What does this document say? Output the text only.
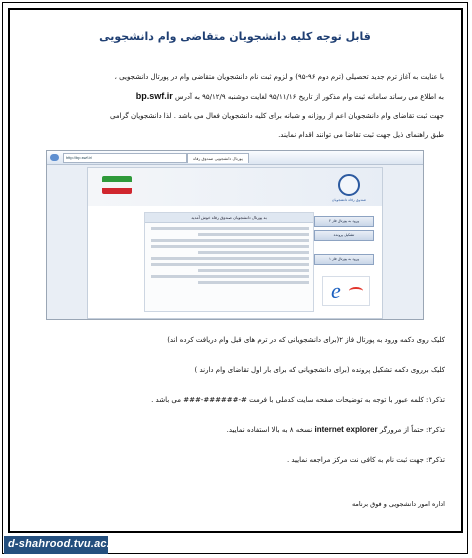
قابل توجه کلیه دانشجویان متقاضی وام دانشجویی
با عنایت به آغاز ترم جدید تحصیلی (ترم دوم ۹۶-۹۵) و لزوم ثبت نام دانشجویان متقاضی وام در پورتال دانشجویی ،
به اطلاع می رساند سامانه ثبت وام مذکور از تاریخ ۹۵/۱۱/۱۶ لغایت دوشنبه ۹۵/۱۲/۹ به آدرس bp.swf.ir
جهت ثبت تقاضای وام دانشجویان اعم از روزانه و شبانه برای کلیه دانشجویان فعال می باشد . لذا دانشجویان گرامی
طبق راهنمای ذیل جهت ثبت تقاضا می توانند اقدام نمایند.
http://bp.swf.ir/	پورتال دانشجویی صندوق رفاه
صندوق رفاه دانشجویان
به پورتال دانشجویان صندوق رفاه خوش آمدید
ورود به پورتال فاز ۲
تشکیل پرونده
ورود به پورتال فاز ۱
e
کلیک روی دکمه ورود به پورتال فاز ۲(برای دانشجویانی که در ترم های قبل وام دریافت کرده اند)
کلیک برروی دکمه تشکیل پرونده (برای دانشجویانی که برای بار اول تقاضای وام دارند )
تذکر۱: کلمه عبور با توجه به توضیحات صفحه سایت کدملی با فرمت #-######-### می باشد .
تذکر۲: حتماً از مرورگر internet explorer نسخه ۸ به بالا استفاده نمایید.
تذکر۳: جهت ثبت نام به کافی نت مرکز مراجعه نمایید .
اداره امور دانشجویی و فوق برنامه
d-shahrood.tvu.ac.ir
